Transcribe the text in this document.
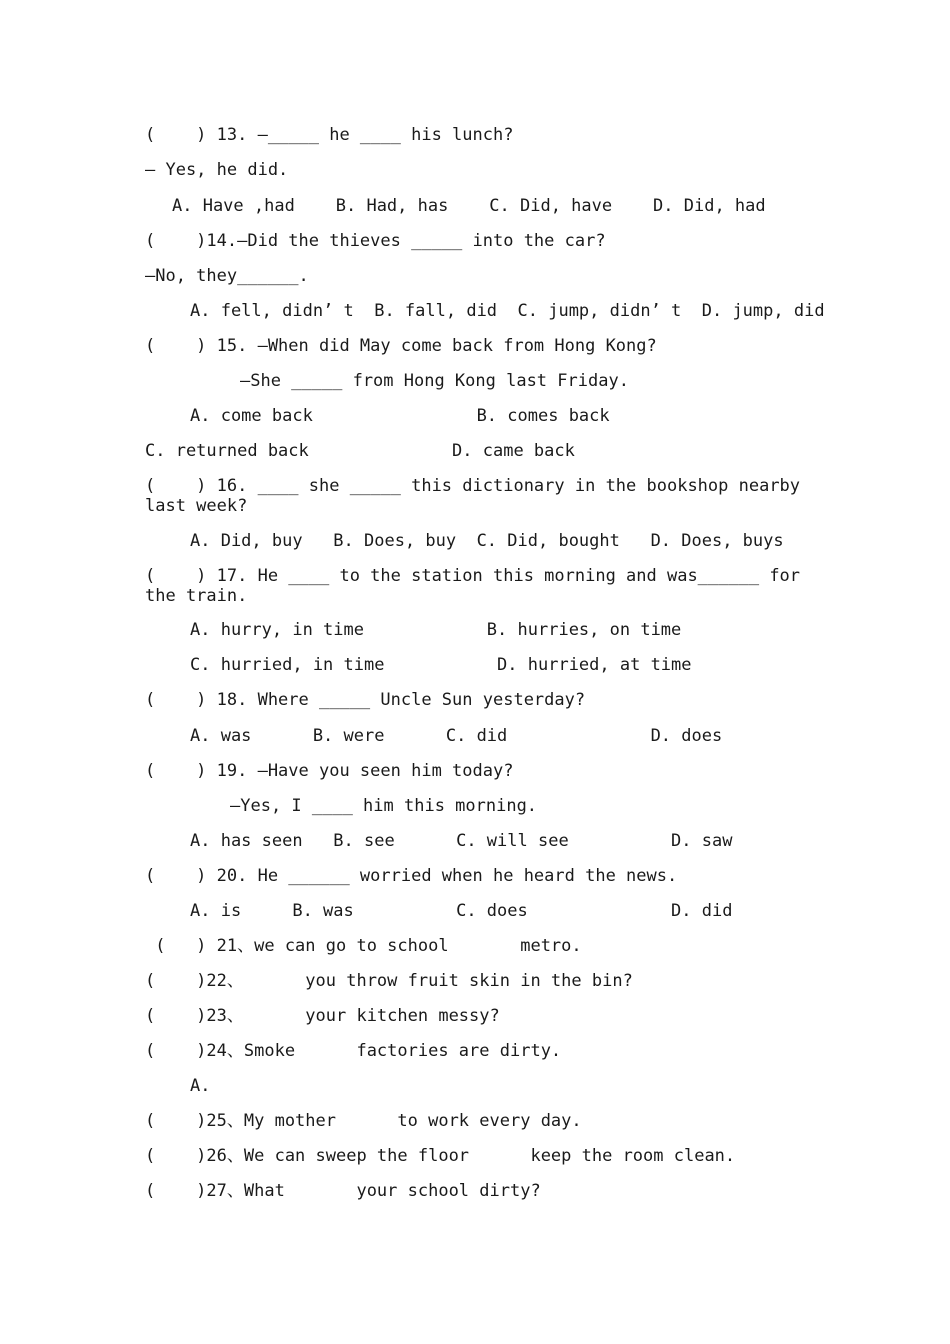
(    ) 13. —_____ he ____ his lunch?
— Yes, he did.
A. Have ,had    B. Had, has    C. Did, have    D. Did, had
(    )14.—Did the thieves _____ into the car?
—No, they______.
A. fell, didn’ t  B. fall, did  C. jump, didn’ t  D. jump, did
(    ) 15. —When did May come back from Hong Kong?
—She _____ from Hong Kong last Friday.
A. come back                B. comes back
C. returned back              D. came back
(    ) 16. ____ she _____ this dictionary in the bookshop nearby last week?
A. Did, buy   B. Does, buy  C. Did, bought   D. Does, buys
(    ) 17. He ____ to the station this morning and was______ for the train.
A. hurry, in time            B. hurries, on time
C. hurried, in time           D. hurried, at time
(    ) 18. Where _____ Uncle Sun yesterday?
A. was      B. were      C. did              D. does
(    ) 19. —Have you seen him today?
—Yes, I ____ him this morning.
A. has seen   B. see      C. will see          D. saw
(    ) 20. He ______ worried when he heard the news.
A. is     B. was          C. does              D. did
(   ) 21、we can go to school       metro.
(    )22、      you throw fruit skin in the bin?
(    )23、      your kitchen messy?
(    )24、Smoke      factories are dirty.
A.
(    )25、My mother      to work every day.
(    )26、We can sweep the floor      keep the room clean.
(    )27、What       your school dirty?
